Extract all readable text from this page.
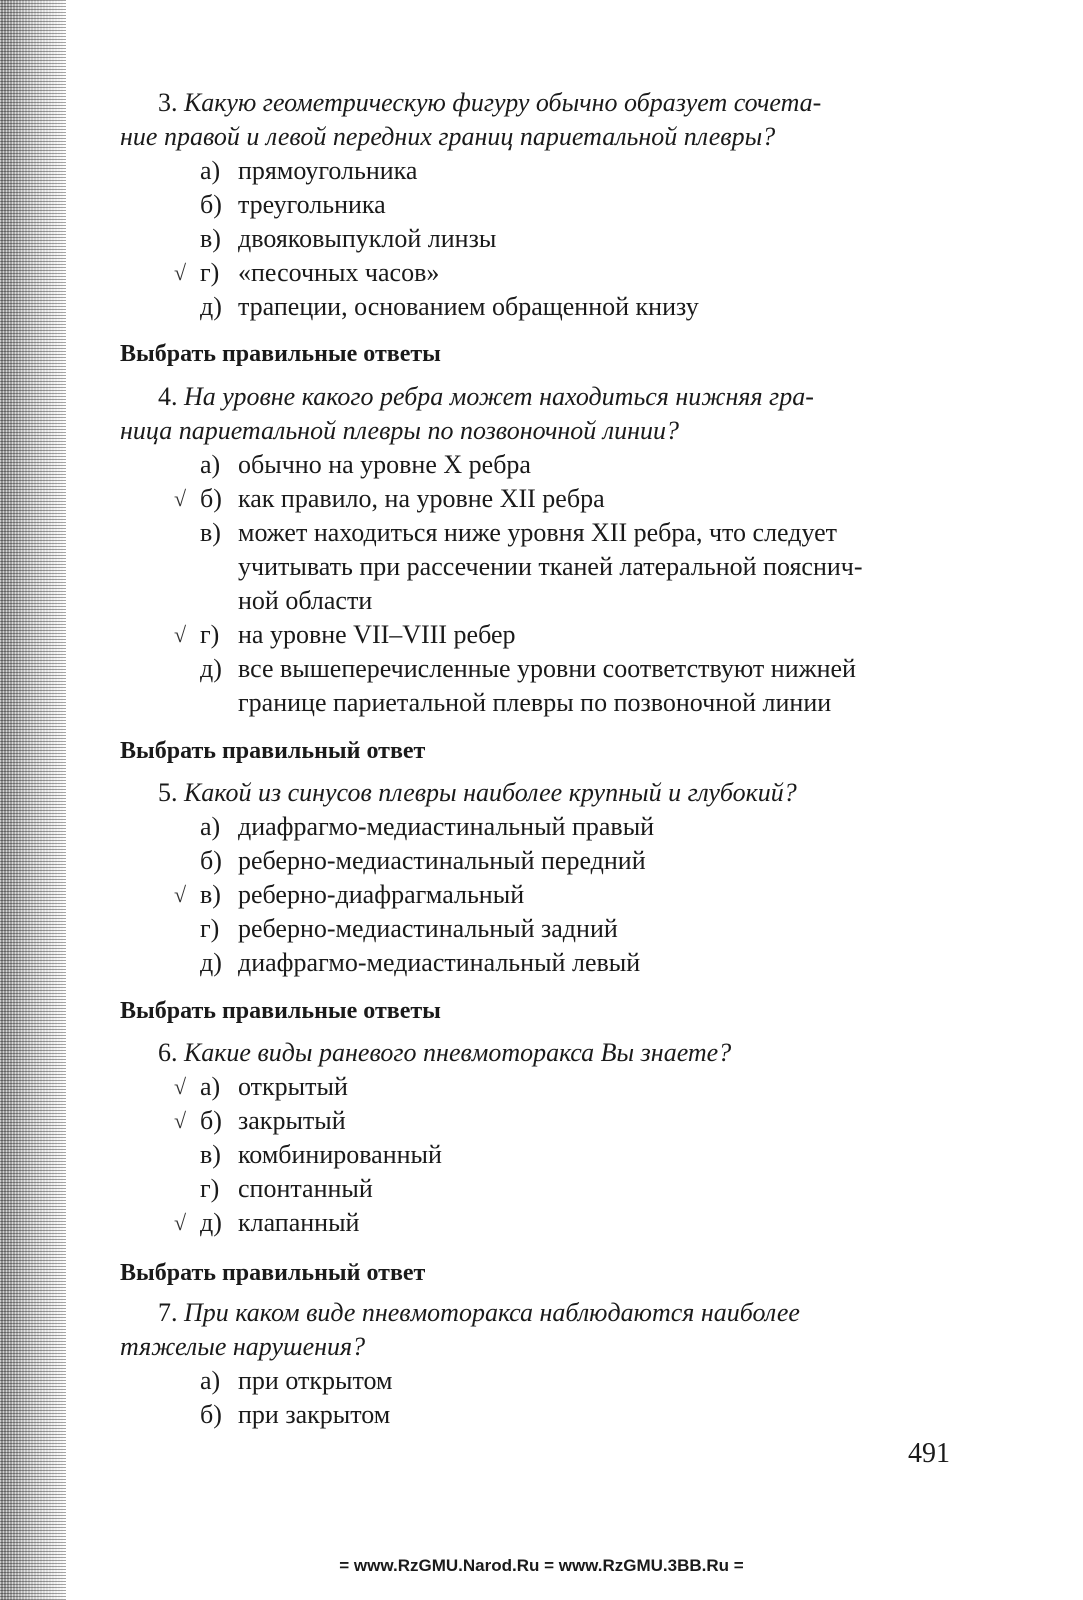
3. Какую геометрическую фигуру обычно образует сочета-
ние правой и левой передних границ париетальной плевры?
а) прямоугольника
б) треугольника
в) двояковыпуклой линзы
√ г) «песочных часов»
д) трапеции, основанием обращенной книзу
Выбрать правильные ответы
4. На уровне какого ребра может находиться нижняя гра-
ница париетальной плевры по позвоночной линии?
а) обычно на уровне X ребра
√ б) как правило, на уровне XII ребра
в) может находиться ниже уровня XII ребра, что следует
учитывать при рассечении тканей латеральной пояснич-
ной области
√ г) на уровне VII–VIII ребер
д) все вышеперечисленные уровни соответствуют нижней
границе париетальной плевры по позвоночной линии
Выбрать правильный ответ
5. Какой из синусов плевры наиболее крупный и глубокий?
а) диафрагмо-медиастинальный правый
б) реберно-медиастинальный передний
√ в) реберно-диафрагмальный
г) реберно-медиастинальный задний
д) диафрагмо-медиастинальный левый
Выбрать правильные ответы
6. Какие виды раневого пневмоторакса Вы знаете?
√ а) открытый
√ б) закрытый
в) комбинированный
г) спонтанный
√ д) клапанный
Выбрать правильный ответ
7. При каком виде пневмоторакса наблюдаются наиболее
тяжелые нарушения?
а) при открытом
б) при закрытом
491
= www.RzGMU.Narod.Ru = www.RzGMU.3BB.Ru =
